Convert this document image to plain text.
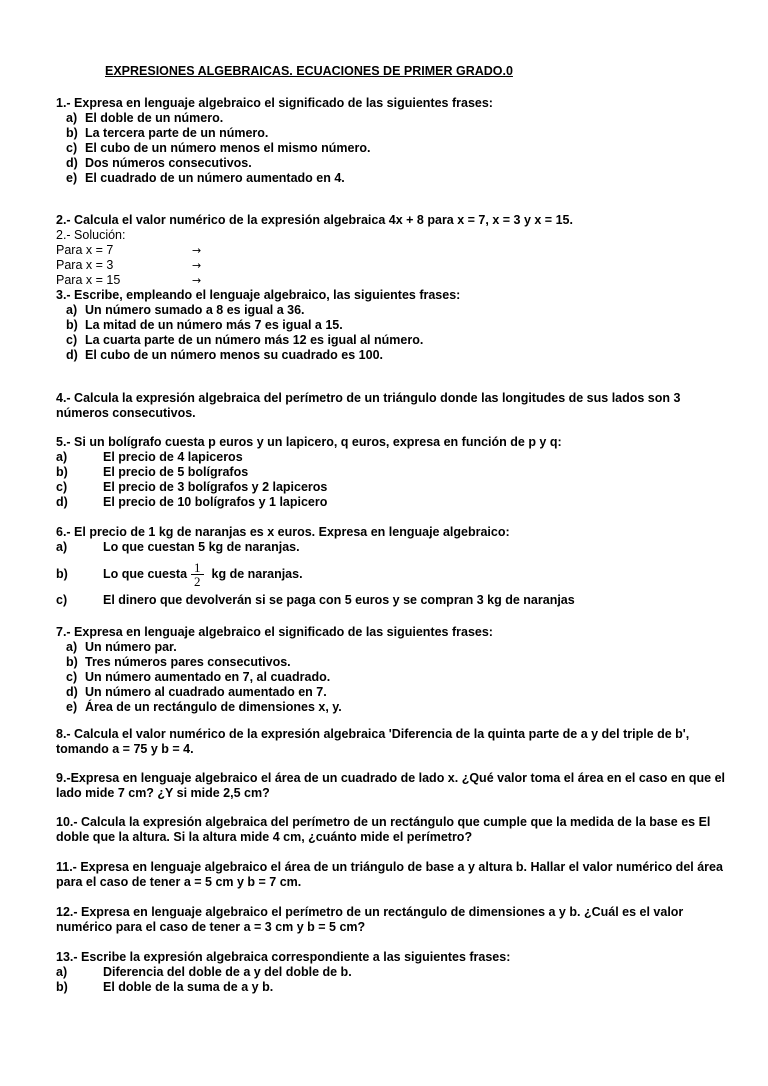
EXPRESIONES ALGEBRAICAS. ECUACIONES DE PRIMER GRADO.0
1.- Expresa en lenguaje algebraico el significado de las siguientes frases:
a) El doble de un número.
b) La tercera parte de un número.
c) El cubo de un número menos el mismo número.
d) Dos números consecutivos.
e) El cuadrado de un número aumentado en 4.
2.- Calcula el valor numérico de la expresión algebraica 4x + 8 para x = 7, x = 3 y x = 15.
2.- Solución:
Para x = 7	→
Para x = 3	→
Para x = 15	→
3.- Escribe, empleando el lenguaje algebraico, las siguientes frases:
a) Un número sumado a 8 es igual a 36.
b) La mitad de un número más 7 es igual a 15.
c) La cuarta parte de un número más 12 es igual al número.
d) El cubo de un número menos su cuadrado es 100.
4.- Calcula la expresión algebraica del perímetro de un triángulo donde las longitudes de sus lados son 3 números consecutivos.
5.- Si un bolígrafo cuesta p euros y un lapicero, q euros, expresa en función de p y q:
a)	El precio de 4 lapiceros
b)	El precio de 5 bolígrafos
c)	El precio de 3 bolígrafos y 2 lapiceros
d)	El precio de 10 bolígrafos y 1 lapicero
6.- El precio de 1 kg de naranjas es x euros. Expresa en lenguaje algebraico:
a)	Lo que cuestan 5 kg de naranjas.
b)	Lo que cuesta $\frac{1}{2}$ kg de naranjas.
c)	El dinero que devolverán si se paga con 5 euros y se compran 3 kg de naranjas
7.- Expresa en lenguaje algebraico el significado de las siguientes frases:
a) Un número par.
b) Tres números pares consecutivos.
c) Un número aumentado en 7, al cuadrado.
d) Un número al cuadrado aumentado en 7.
e) Área de un rectángulo de dimensiones x, y.
8.- Calcula el valor numérico de la expresión algebraica 'Diferencia de la quinta parte de a y del triple de b', tomando a = 75 y b = 4.
9.-Expresa en lenguaje algebraico el área de un cuadrado de lado x. ¿Qué valor toma el área en el caso en que el lado mide 7 cm? ¿Y si mide 2,5 cm?
10.- Calcula la expresión algebraica del perímetro de un rectángulo que cumple que la medida de la base es El doble que la altura. Si la altura mide 4 cm, ¿cuánto mide el perímetro?
11.- Expresa en lenguaje algebraico el área de un triángulo de base a y altura b. Hallar el valor numérico del área para el caso de tener a = 5 cm y b = 7 cm.
12.- Expresa en lenguaje algebraico el perímetro de un rectángulo de dimensiones a y b. ¿Cuál es el valor numérico para el caso de tener a = 3 cm y b = 5 cm?
13.- Escribe la expresión algebraica correspondiente a las siguientes frases:
a)	Diferencia del doble de a y del doble de b.
b)	El doble de la suma de a y b.
